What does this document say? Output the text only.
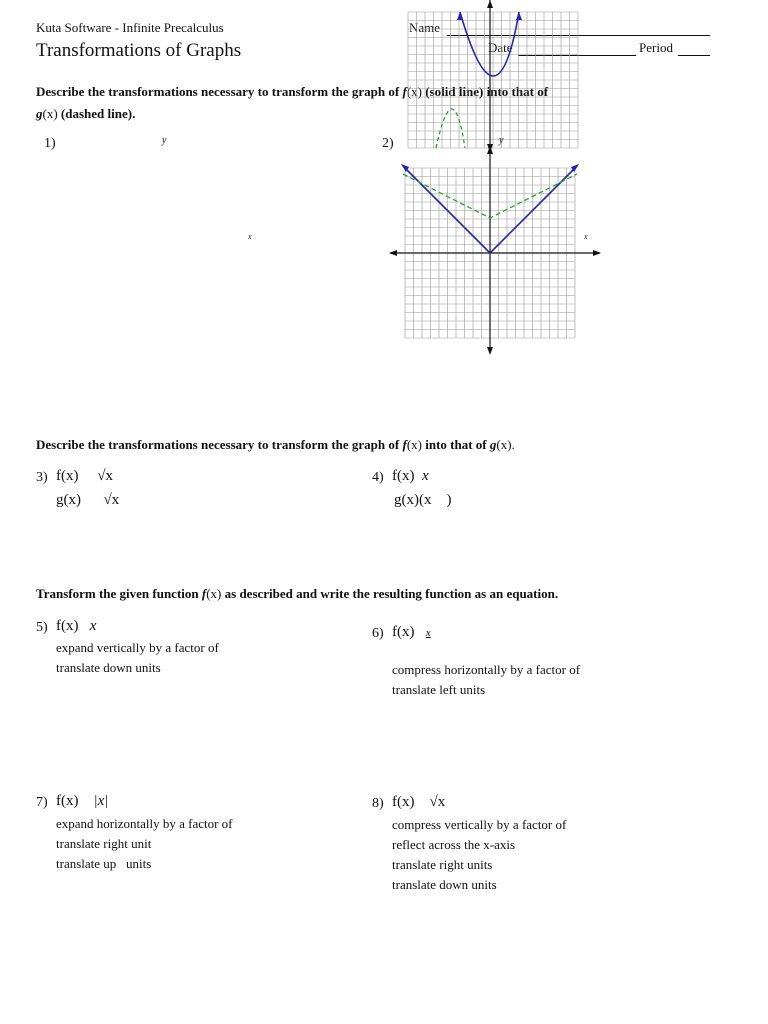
Kuta Software - Infinite Precalculus
Transformations of Graphs
Name
Date	Period
Describe the transformations necessary to transform the graph of f(x) (solid line) into that of
g(x) (dashed line).
1)	y
x
2)	y
x
Describe the transformations necessary to transform the graph of f(x) into that of g(x).
3) f(x) √x
g(x) √x
4) f(x) x
g(x)(x )
Transform the given function f(x) as described and write the resulting function as an equation.
5) f(x) x
expand vertically by a factor of
translate down units
6) f(x) x
compress horizontally by a factor of
translate left units
7) f(x) |x|
expand horizontally by a factor of
translate right unit
translate up   units
8) f(x) √x
compress vertically by a factor of
reflect across the x-axis
translate right units
translate down units
